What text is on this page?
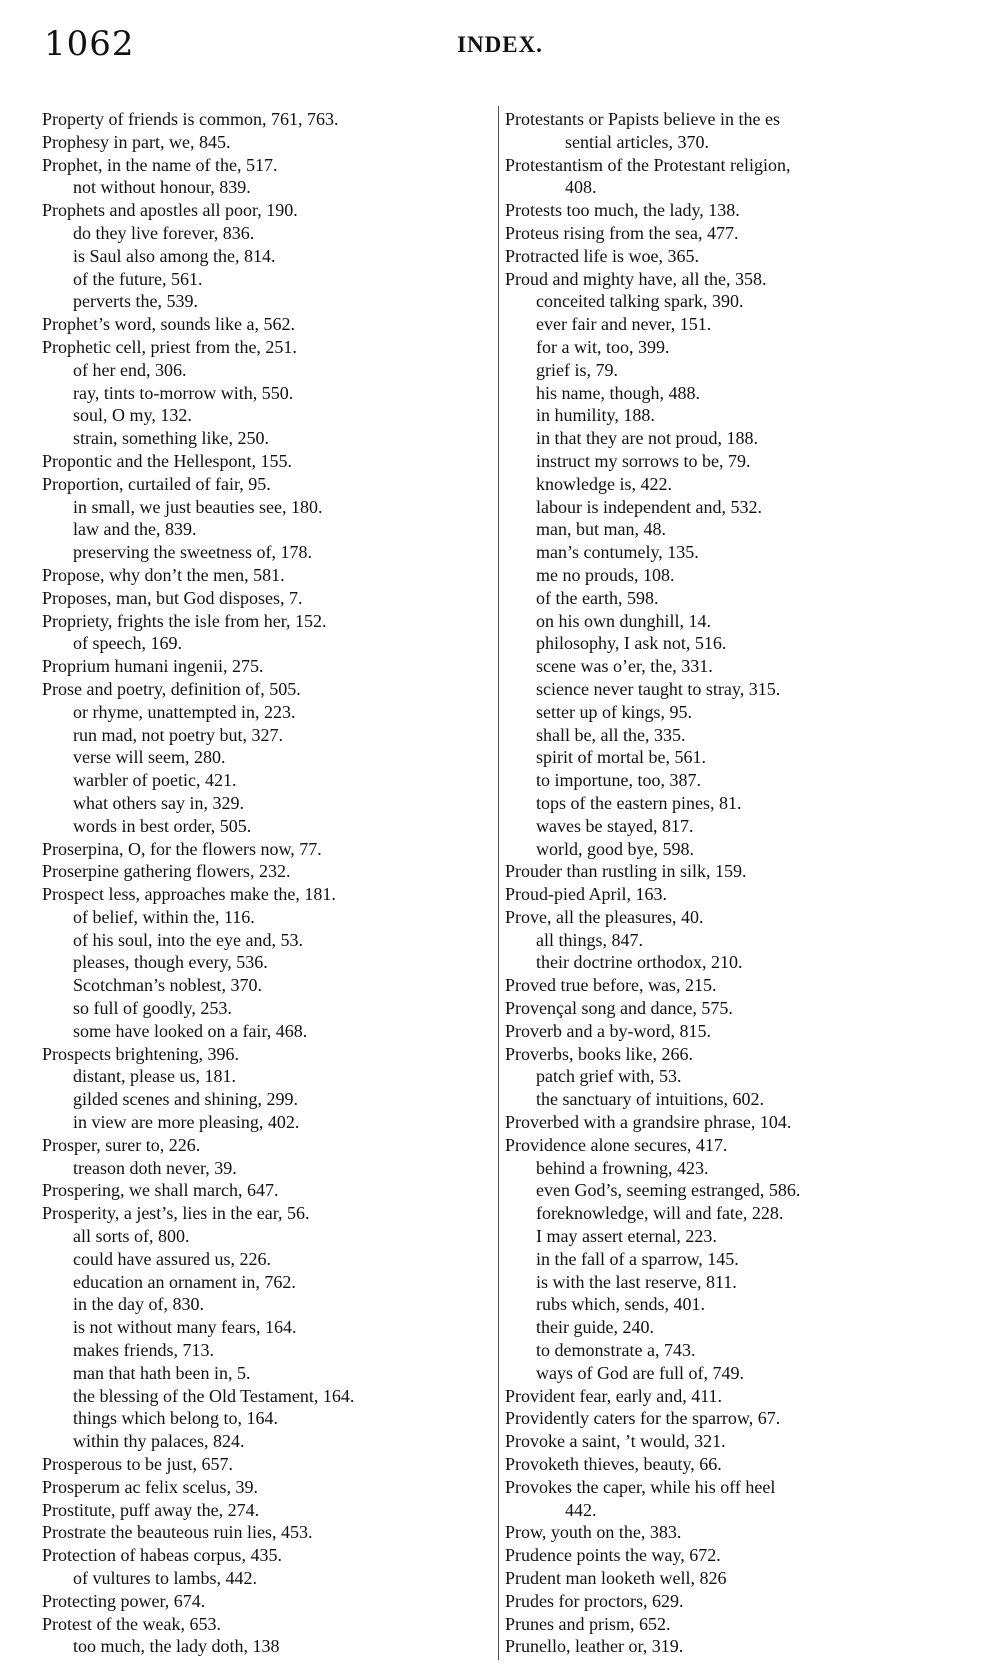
1062	INDEX.
Property of friends is common, 761, 763.
Prophesy in part, we, 845.
Prophet, in the name of the, 517.
not without honour, 839.
Prophets and apostles all poor, 190.
do they live forever, 836.
is Saul also among the, 814.
of the future, 561.
perverts the, 539.
Prophet’s word, sounds like a, 562.
Prophetic cell, priest from the, 251.
of her end, 306.
ray, tints to-morrow with, 550.
soul, O my, 132.
strain, something like, 250.
Propontic and the Hellespont, 155.
Proportion, curtailed of fair, 95.
in small, we just beauties see, 180.
law and the, 839.
preserving the sweetness of, 178.
Propose, why don’t the men, 581.
Proposes, man, but God disposes, 7.
Propriety, frights the isle from her, 152.
of speech, 169.
Proprium humani ingenii, 275.
Prose and poetry, definition of, 505.
or rhyme, unattempted in, 223.
run mad, not poetry but, 327.
verse will seem, 280.
warbler of poetic, 421.
what others say in, 329.
words in best order, 505.
Proserpina, O, for the flowers now, 77.
Proserpine gathering flowers, 232.
Prospect less, approaches make the, 181.
of belief, within the, 116.
of his soul, into the eye and, 53.
pleases, though every, 536.
Scotchman’s noblest, 370.
so full of goodly, 253.
some have looked on a fair, 468.
Prospects brightening, 396.
distant, please us, 181.
gilded scenes and shining, 299.
in view are more pleasing, 402.
Prosper, surer to, 226.
treason doth never, 39.
Prospering, we shall march, 647.
Prosperity, a jest’s, lies in the ear, 56.
all sorts of, 800.
could have assured us, 226.
education an ornament in, 762.
in the day of, 830.
is not without many fears, 164.
makes friends, 713.
man that hath been in, 5.
the blessing of the Old Testament, 164.
things which belong to, 164.
within thy palaces, 824.
Prosperous to be just, 657.
Prosperum ac felix scelus, 39.
Prostitute, puff away the, 274.
Prostrate the beauteous ruin lies, 453.
Protection of habeas corpus, 435.
of vultures to lambs, 442.
Protecting power, 674.
Protest of the weak, 653.
too much, the lady doth, 138
Protestants or Papists believe in the es
sential articles, 370.
Protestantism of the Protestant religion,
408.
Protests too much, the lady, 138.
Proteus rising from the sea, 477.
Protracted life is woe, 365.
Proud and mighty have, all the, 358.
conceited talking spark, 390.
ever fair and never, 151.
for a wit, too, 399.
grief is, 79.
his name, though, 488.
in humility, 188.
in that they are not proud, 188.
instruct my sorrows to be, 79.
knowledge is, 422.
labour is independent and, 532.
man, but man, 48.
man’s contumely, 135.
me no prouds, 108.
of the earth, 598.
on his own dunghill, 14.
philosophy, I ask not, 516.
scene was o’er, the, 331.
science never taught to stray, 315.
setter up of kings, 95.
shall be, all the, 335.
spirit of mortal be, 561.
to importune, too, 387.
tops of the eastern pines, 81.
waves be stayed, 817.
world, good bye, 598.
Prouder than rustling in silk, 159.
Proud-pied April, 163.
Prove, all the pleasures, 40.
all things, 847.
their doctrine orthodox, 210.
Proved true before, was, 215.
Provençal song and dance, 575.
Proverb and a by-word, 815.
Proverbs, books like, 266.
patch grief with, 53.
the sanctuary of intuitions, 602.
Proverbed with a grandsire phrase, 104.
Providence alone secures, 417.
behind a frowning, 423.
even God’s, seeming estranged, 586.
foreknowledge, will and fate, 228.
I may assert eternal, 223.
in the fall of a sparrow, 145.
is with the last reserve, 811.
rubs which, sends, 401.
their guide, 240.
to demonstrate a, 743.
ways of God are full of, 749.
Provident fear, early and, 411.
Providently caters for the sparrow, 67.
Provoke a saint, ’t would, 321.
Provoketh thieves, beauty, 66.
Provokes the caper, while his off heel
442.
Prow, youth on the, 383.
Prudence points the way, 672.
Prudent man looketh well, 826
Prudes for proctors, 629.
Prunes and prism, 652.
Prunello, leather or, 319.
